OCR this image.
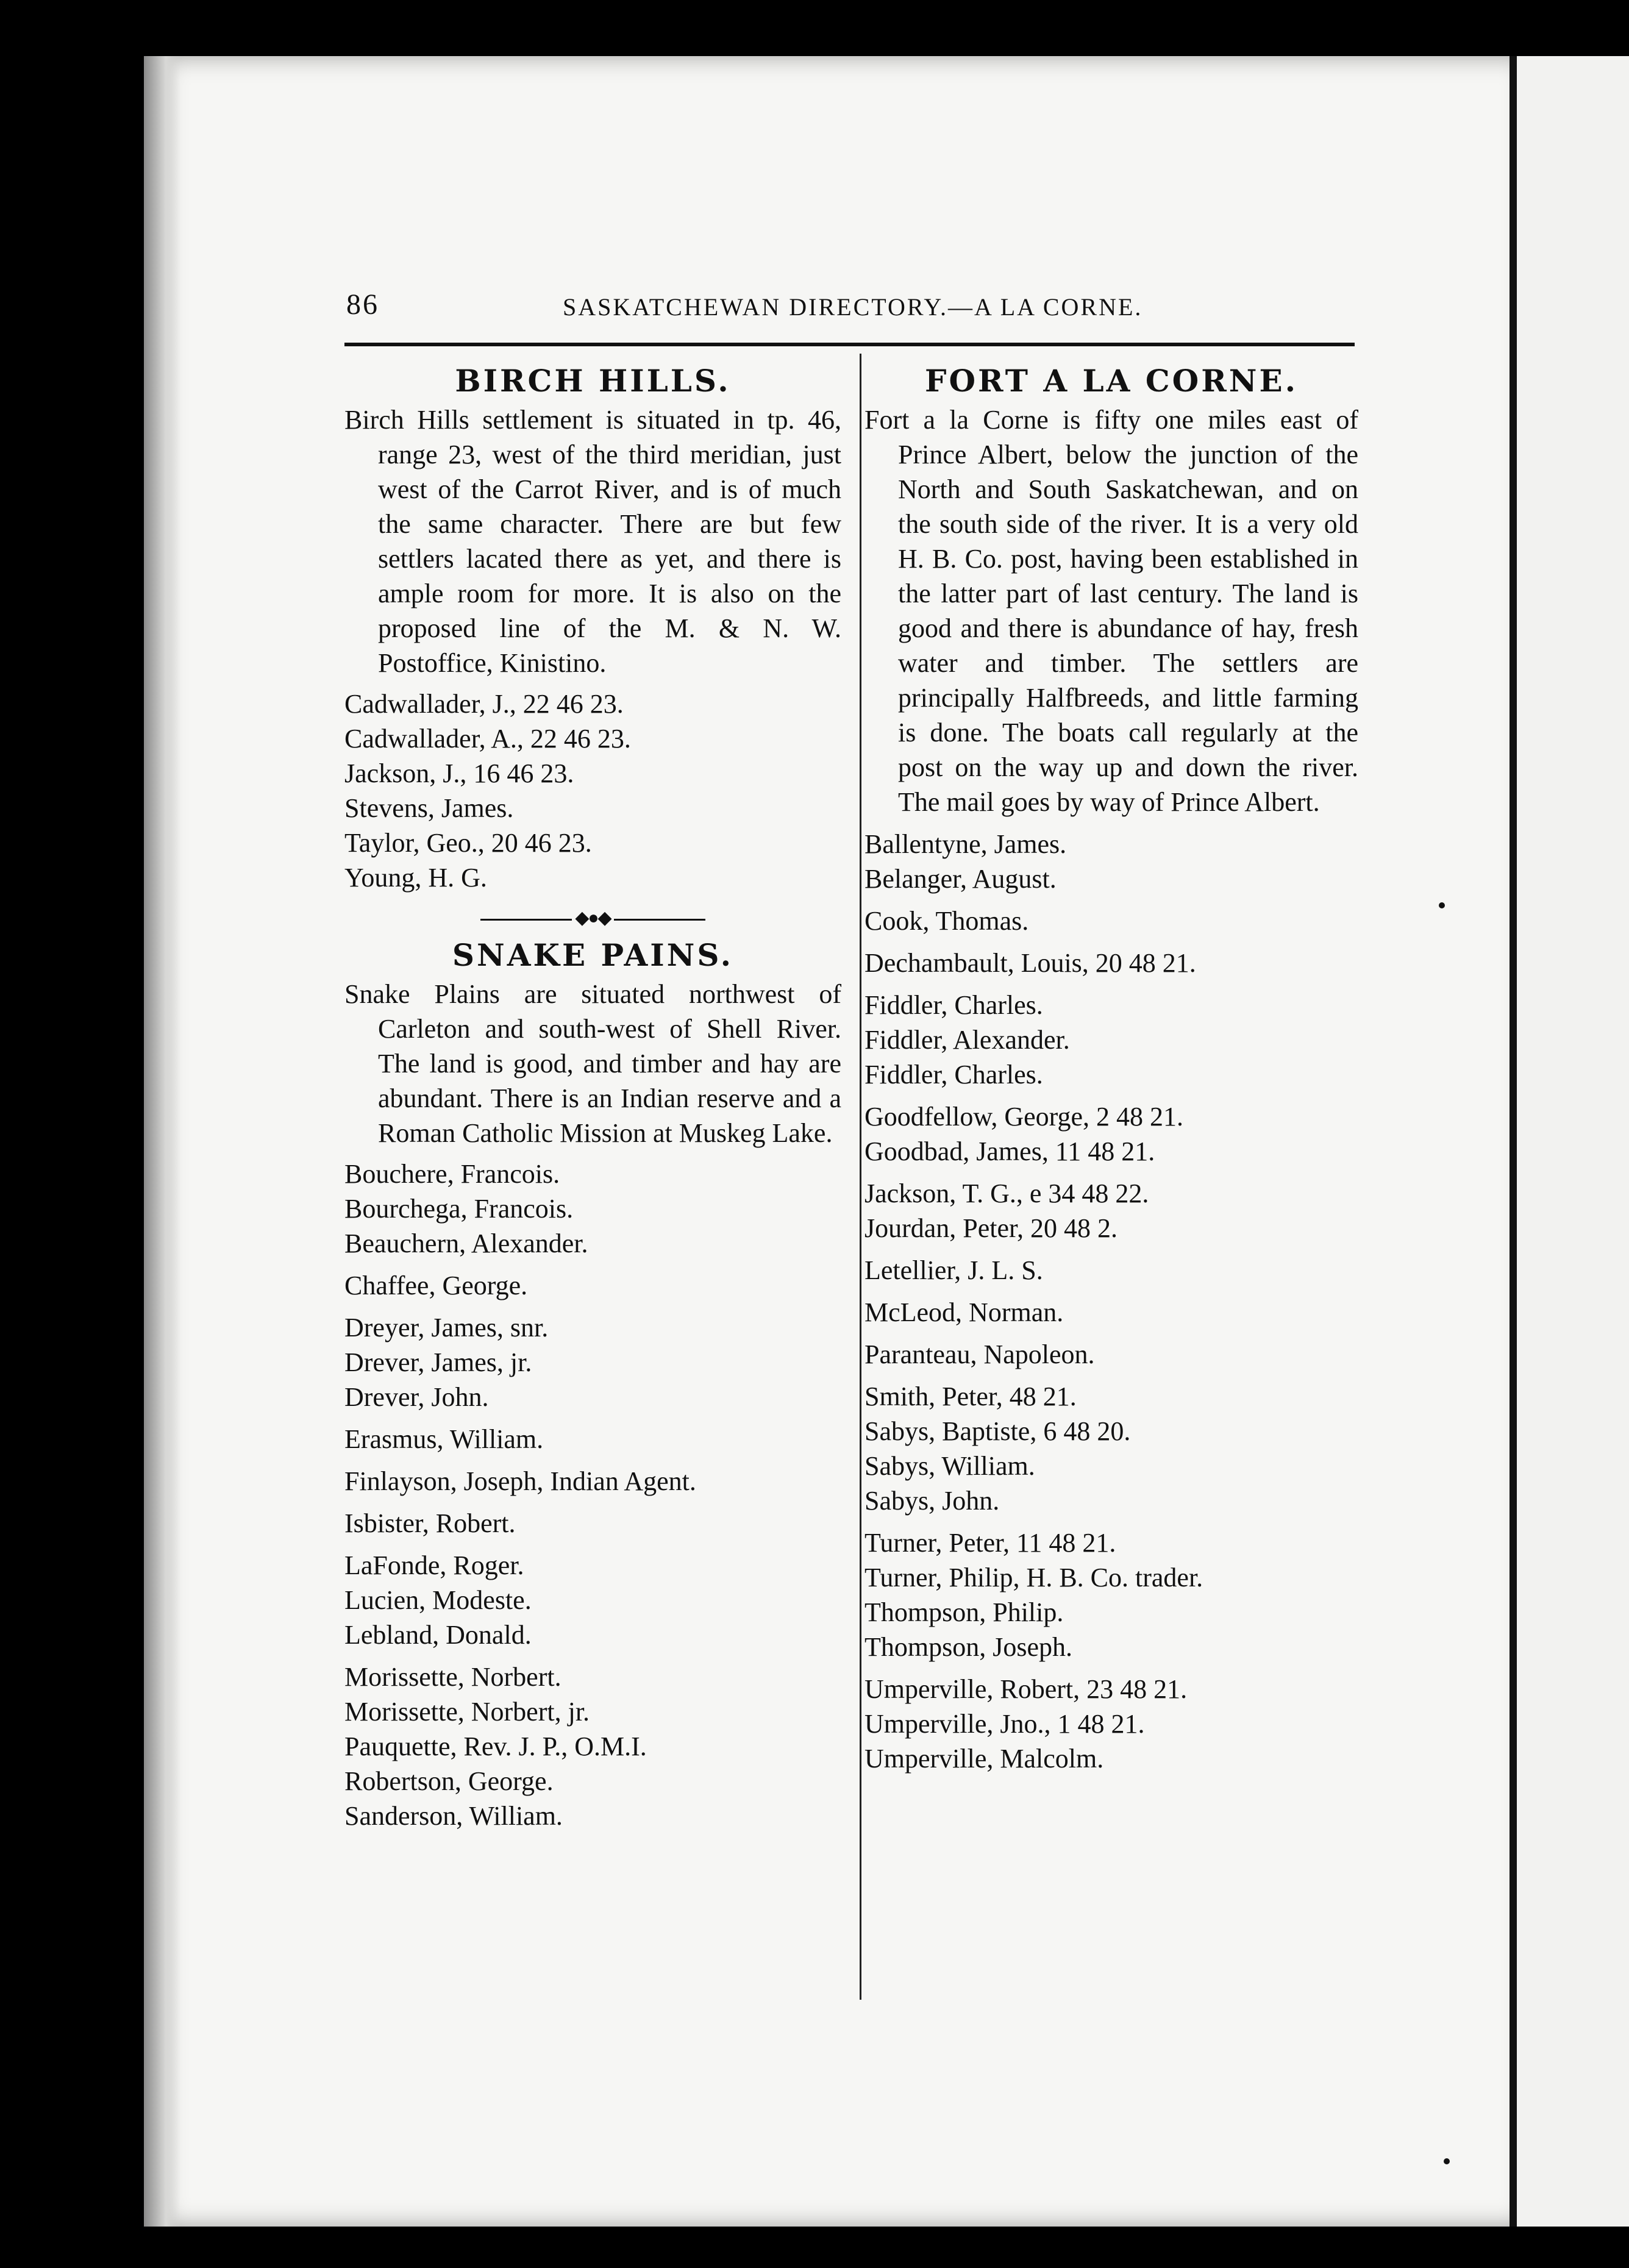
86	SASKATCHEWAN DIRECTORY.—A LA CORNE.
BIRCH HILLS.
Birch Hills settlement is situated in tp. 46, range 23, west of the third meridian, just west of the Carrot River, and is of much the same character. There are but few settlers lacated there as yet, and there is ample room for more. It is also on the proposed line of the M. & N. W. Postoffice, Kinistino.
Cadwallader, J., 22 46 23.
Cadwallader, A., 22 46 23.
Jackson, J., 16 46 23.
Stevens, James.
Taylor, Geo., 20 46 23.
Young, H. G.
◆●◆
SNAKE PAINS.
Snake Plains are situated northwest of Carleton and south-west of Shell River. The land is good, and timber and hay are abundant. There is an Indian reserve and a Roman Catholic Mission at Muskeg Lake.
Bouchere, Francois.
Bourchega, Francois.
Beauchern, Alexander.
Chaffee, George.
Dreyer, James, snr.
Drever, James, jr.
Drever, John.
Erasmus, William.
Finlayson, Joseph, Indian Agent.
Isbister, Robert.
LaFonde, Roger.
Lucien, Modeste.
Lebland, Donald.
Morissette, Norbert.
Morissette, Norbert, jr.
Pauquette, Rev. J. P., O.M.I.
Robertson, George.
Sanderson, William.
FORT A LA CORNE.
Fort a la Corne is fifty one miles east of Prince Albert, below the junction of the North and South Saskatchewan, and on the south side of the river. It is a very old H. B. Co. post, having been established in the latter part of last century. The land is good and there is abundance of hay, fresh water and timber. The settlers are principally Halfbreeds, and little farming is done. The boats call regularly at the post on the way up and down the river. The mail goes by way of Prince Albert.
Ballentyne, James.
Belanger, August.
Cook, Thomas.
Dechambault, Louis, 20 48 21.
Fiddler, Charles.
Fiddler, Alexander.
Fiddler, Charles.
Goodfellow, George, 2 48 21.
Goodbad, James, 11 48 21.
Jackson, T. G., e 34 48 22.
Jourdan, Peter, 20 48 2.
Letellier, J. L. S.
McLeod, Norman.
Paranteau, Napoleon.
Smith, Peter, 48 21.
Sabys, Baptiste, 6 48 20.
Sabys, William.
Sabys, John.
Turner, Peter, 11 48 21.
Turner, Philip, H. B. Co. trader.
Thompson, Philip.
Thompson, Joseph.
Umperville, Robert, 23 48 21.
Umperville, Jno., 1 48 21.
Umperville, Malcolm.
